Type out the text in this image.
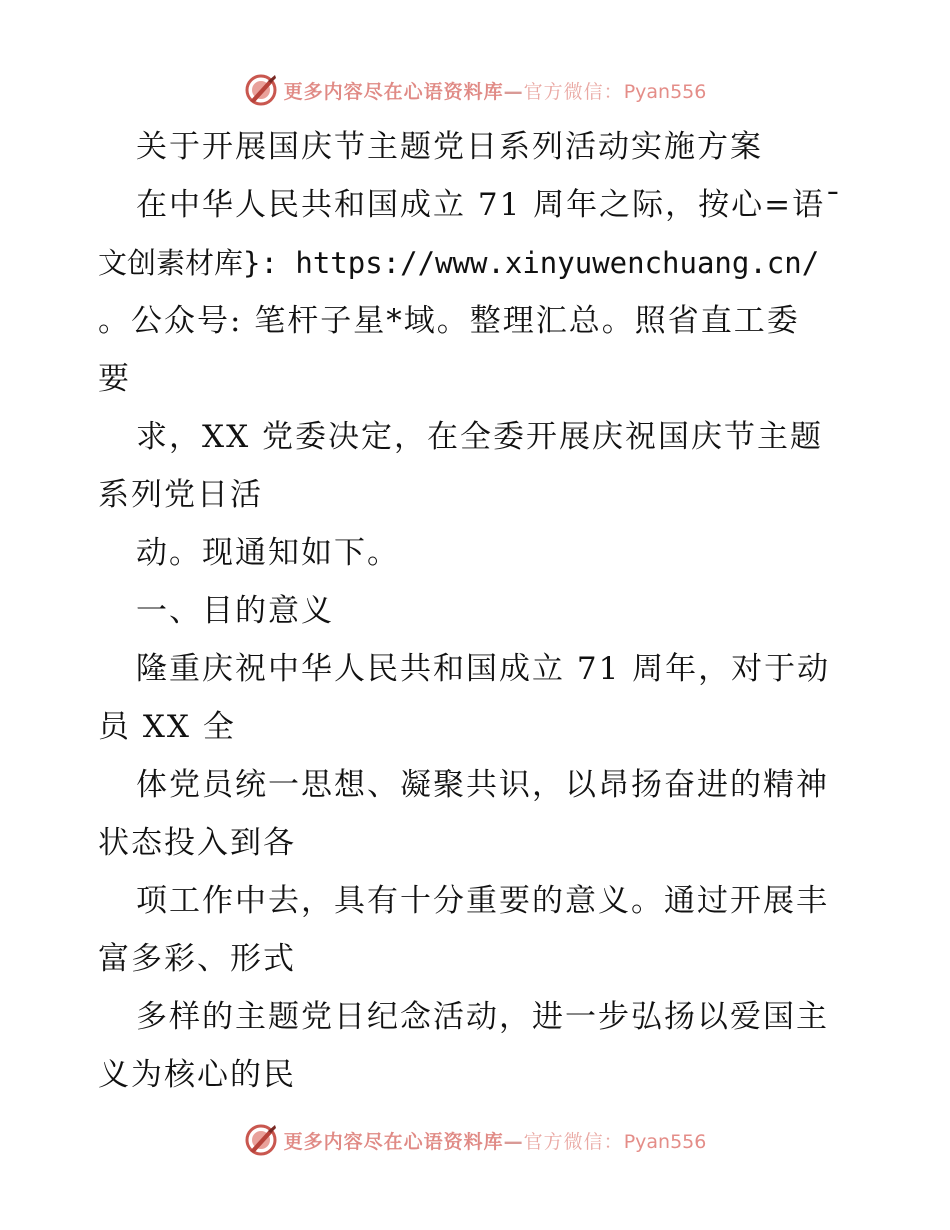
更多内容尽在心语资料库—官方微信：Pyan556
关于开展国庆节主题党日系列活动实施方案
在中华人民共和国成立 71 周年之际，按心=语¯
文创素材库}: https://www.xinyuwenchuang.cn/
。公众号: 笔杆子星*域。整理汇总。照省直工委
要
求，XX 党委决定，在全委开展庆祝国庆节主题
系列党日活
动。现通知如下。
一、目的意义
隆重庆祝中华人民共和国成立 71 周年，对于动
员 XX 全
体党员统一思想、凝聚共识，以昂扬奋进的精神
状态投入到各
项工作中去，具有十分重要的意义。通过开展丰
富多彩、形式
多样的主题党日纪念活动，进一步弘扬以爱国主
义为核心的民
更多内容尽在心语资料库—官方微信：Pyan556
